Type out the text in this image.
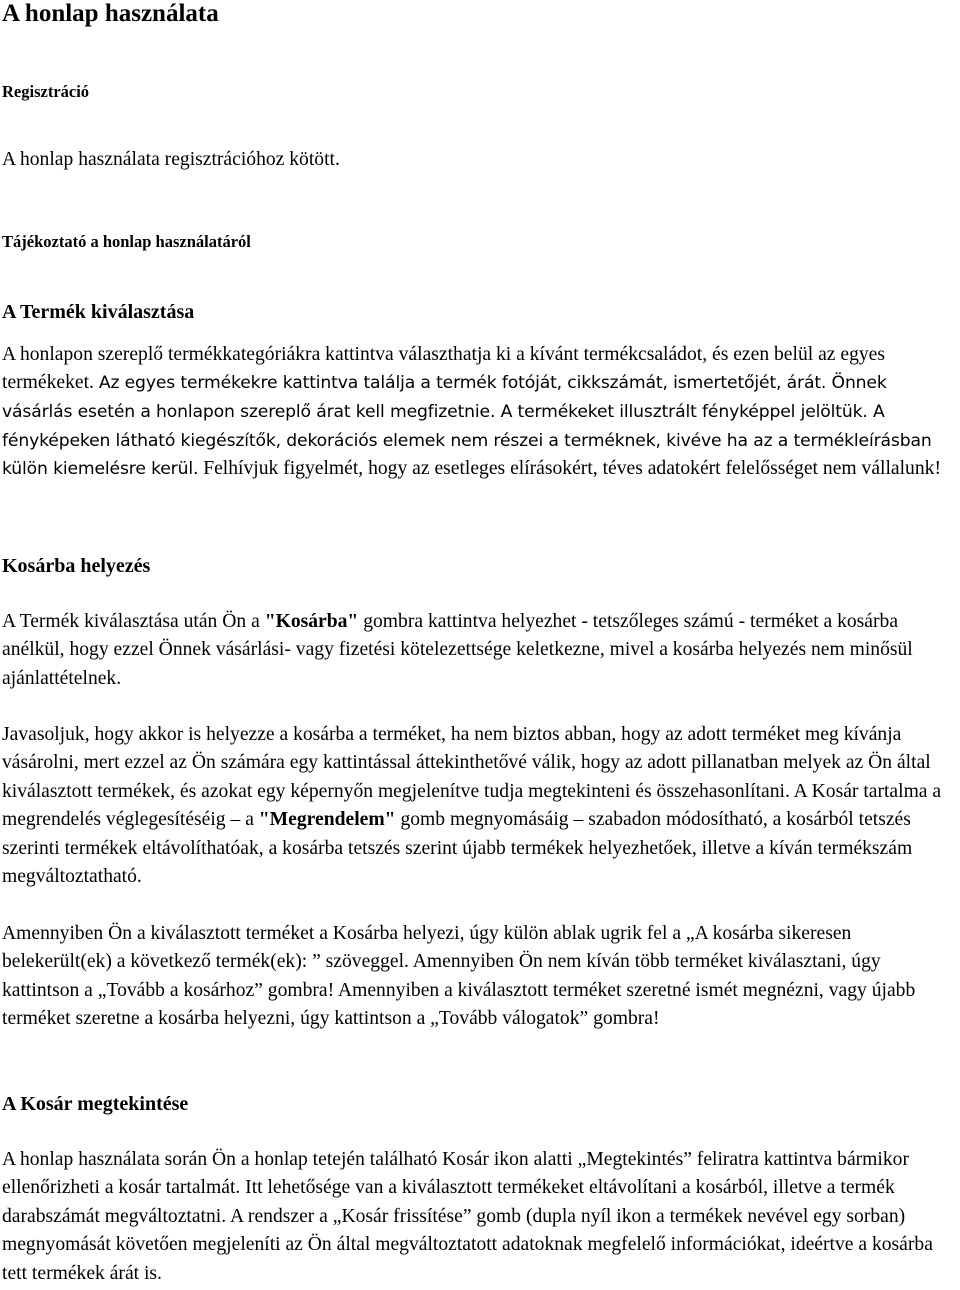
A honlap használata
Regisztráció

A honlap használata regisztrációhoz kötött.

Tájékoztató a honlap használatáról
A Termék kiválasztása

A honlapon szereplő termékkategóriákra kattintva választhatja ki a kívánt termékcsaládot, és ezen belül az egyes termékeket. Az egyes termékekre kattintva találja a termék fotóját, cikkszámát, ismertetőjét, árát. Önnek vásárlás esetén a honlapon szereplő árat kell megfizetnie. A termékeket illusztrált fényképpel jelöltük. A fényképeken látható kiegészítők, dekorációs elemek nem részei a terméknek, kivéve ha az a termékleírásban külön kiemelésre kerül. Felhívjuk figyelmét, hogy az esetleges elírásokért, téves adatokért felelősséget nem vállalunk!

Kosárba helyezés

A Termék kiválasztása után Ön a "Kosárba" gombra kattintva helyezhet - tetszőleges számú - terméket a kosárba anélkül, hogy ezzel Önnek vásárlási- vagy fizetési kötelezettsége keletkezne, mivel a kosárba helyezés nem minősül ajánlattételnek.

Javasoljuk, hogy akkor is helyezze a kosárba a terméket, ha nem biztos abban, hogy az adott terméket meg kívánja vásárolni, mert ezzel az Ön számára egy kattintással áttekinthetővé válik, hogy az adott pillanatban melyek az Ön által kiválasztott termékek, és azokat egy képernyőn megjelenítve tudja megtekinteni és összehasonlítani. A Kosár tartalma a megrendelés véglegesítéséig – a "Megrendelem" gomb megnyomásáig – szabadon módosítható, a kosárból tetszés szerinti termékek eltávolíthatóak, a kosárba tetszés szerint újabb termékek helyezhetőek, illetve a kíván termékszám megváltoztatható.

Amennyiben Ön a kiválasztott terméket a Kosárba helyezi, úgy külön ablak ugrik fel a „A kosárba sikeresen belekerült(ek) a következő termék(ek): ” szöveggel. Amennyiben Ön nem kíván több terméket kiválasztani, úgy kattintson a „Tovább a kosárhoz” gombra! Amennyiben a kiválasztott terméket szeretné ismét megnézni, vagy újabb terméket szeretne a kosárba helyezni, úgy kattintson a „Tovább válogatok” gombra!

A Kosár megtekintése

A honlap használata során Ön a honlap tetején található Kosár ikon alatti „Megtekintés” feliratra kattintva bármikor ellenőrizheti a kosár tartalmát. Itt lehetősége van a kiválasztott termékeket eltávolítani a kosárból, illetve a termék darabszámát megváltoztatni. A rendszer a „Kosár frissítése” gomb (dupla nyíl ikon a termékek nevével egy sorban) megnyomását követően megjeleníti az Ön által megváltoztatott adatoknak megfelelő információkat, ideértve a kosárba tett termékek árát is.
